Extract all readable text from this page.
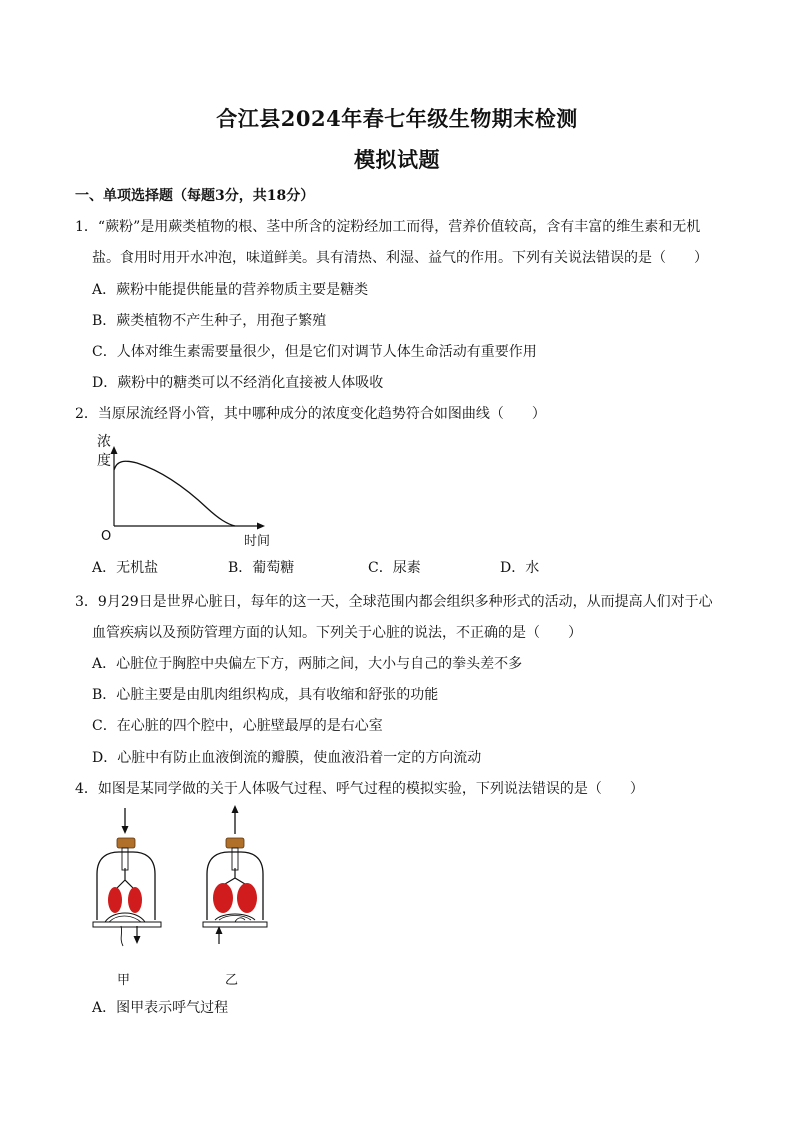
合江县2024年春七年级生物期末检测
模拟试题
一、单项选择题（每题3分，共18分）
1．“蕨粉”是用蕨类植物的根、茎中所含的淀粉经加工而得，营养价值较高，含有丰富的维生素和无机
盐。食用时用开水冲泡，味道鲜美。具有清热、利湿、益气的作用。下列有关说法错误的是（　　）
A．蕨粉中能提供能量的营养物质主要是糖类
B．蕨类植物不产生种子，用孢子繁殖
C．人体对维生素需要量很少，但是它们对调节人体生命活动有重要作用
D．蕨粉中的糖类可以不经消化直接被人体吸收
2．当原尿流经肾小管，其中哪种成分的浓度变化趋势符合如图曲线（　　）
浓
度
O	时间
A．无机盐	B．葡萄糖	C．尿素	D．水
3．9月29日是世界心脏日，每年的这一天，全球范围内都会组织多种形式的活动，从而提高人们对于心
血管疾病以及预防管理方面的认知。下列关于心脏的说法，不正确的是（　　）
A．心脏位于胸腔中央偏左下方，两肺之间，大小与自己的拳头差不多
B．心脏主要是由肌肉组织构成，具有收缩和舒张的功能
C．在心脏的四个腔中，心脏壁最厚的是右心室
D．心脏中有防止血液倒流的瓣膜，使血液沿着一定的方向流动
4．如图是某同学做的关于人体吸气过程、呼气过程的模拟实验，下列说法错误的是（　　）
甲	乙
A．图甲表示呼气过程
